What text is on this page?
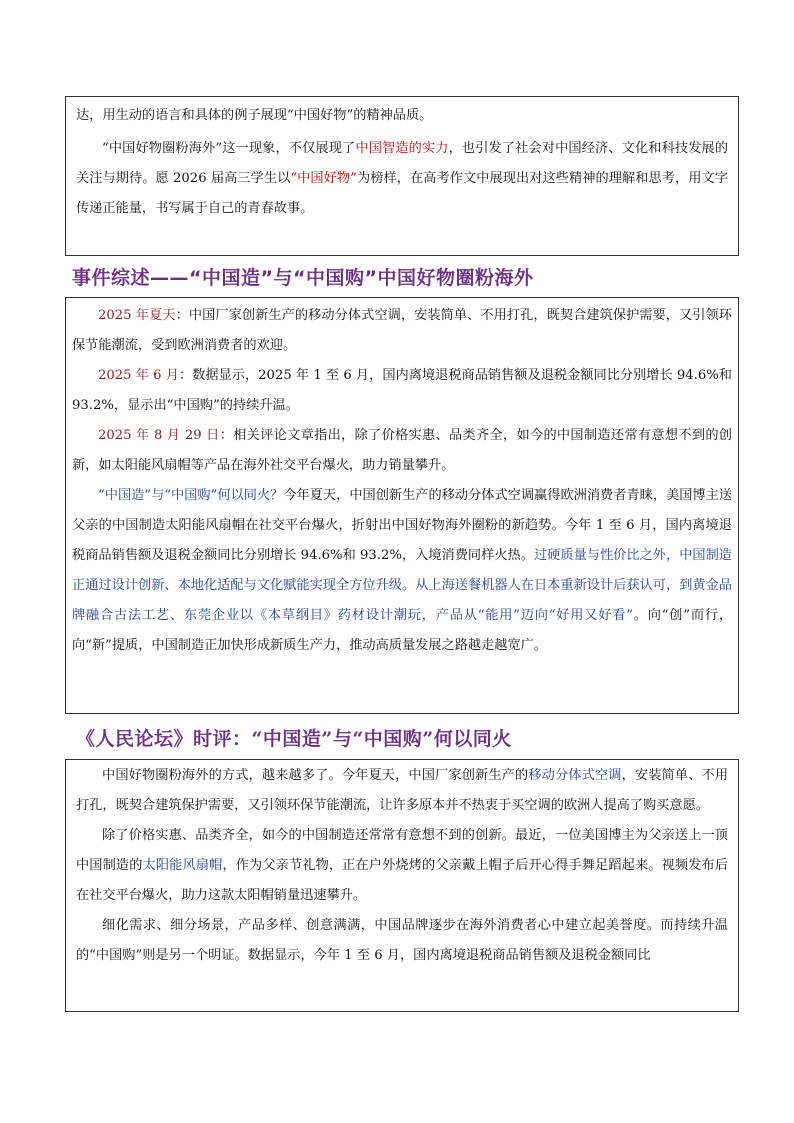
达，用生动的语言和具体的例子展现“中国好物”的精神品质。

“中国好物圈粉海外”这一现象，不仅展现了中国智造的实力，也引发了社会对中国经济、文化和科技发展的关注与期待。愿 2026 届高三学生以“中国好物”为榜样，在高考作文中展现出对这些精神的理解和思考，用文字传递正能量，书写属于自己的青春故事。

事件综述——“中国造”与“中国购”中国好物圈粉海外

2025 年夏天：中国厂家创新生产的移动分体式空调，安装简单、不用打孔，既契合建筑保护需要，又引领环保节能潮流，受到欧洲消费者的欢迎。

2025 年 6 月：数据显示，2025 年 1 至 6 月，国内离境退税商品销售额及退税金额同比分别增长 94.6%和 93.2%，显示出“中国购”的持续升温。

2025 年 8 月 29 日：相关评论文章指出，除了价格实惠、品类齐全，如今的中国制造还常有意想不到的创新，如太阳能风扇帽等产品在海外社交平台爆火，助力销量攀升。

“中国造”与“中国购”何以同火？今年夏天，中国创新生产的移动分体式空调赢得欧洲消费者青睐，美国博主送父亲的中国制造太阳能风扇帽在社交平台爆火，折射出中国好物海外圈粉的新趋势。今年 1 至 6 月，国内离境退税商品销售额及退税金额同比分别增长 94.6%和 93.2%，入境消费同样火热。过硬质量与性价比之外，中国制造正通过设计创新、本地化适配与文化赋能实现全方位升级。从上海送餐机器人在日本重新设计后获认可，到黄金品牌融合古法工艺、东莞企业以《本草纲目》药材设计潮玩，产品从“能用”迈向“好用又好看”。向“创”而行，向“新”提质，中国制造正加快形成新质生产力，推动高质量发展之路越走越宽广。

《人民论坛》时评：“中国造”与“中国购”何以同火

中国好物圈粉海外的方式，越来越多了。今年夏天，中国厂家创新生产的移动分体式空调，安装简单、不用打孔，既契合建筑保护需要，又引领环保节能潮流，让许多原本并不热衷于买空调的欧洲人提高了购买意愿。

除了价格实惠、品类齐全，如今的中国制造还常常有意想不到的创新。最近，一位美国博主为父亲送上一顶中国制造的太阳能风扇帽，作为父亲节礼物，正在户外烧烤的父亲戴上帽子后开心得手舞足蹈起来。视频发布后在社交平台爆火，助力这款太阳帽销量迅速攀升。

细化需求、细分场景，产品多样、创意满满，中国品牌逐步在海外消费者心中建立起美誉度。而持续升温的“中国购”则是另一个明证。数据显示，今年 1 至 6 月，国内离境退税商品销售额及退税金额同比
